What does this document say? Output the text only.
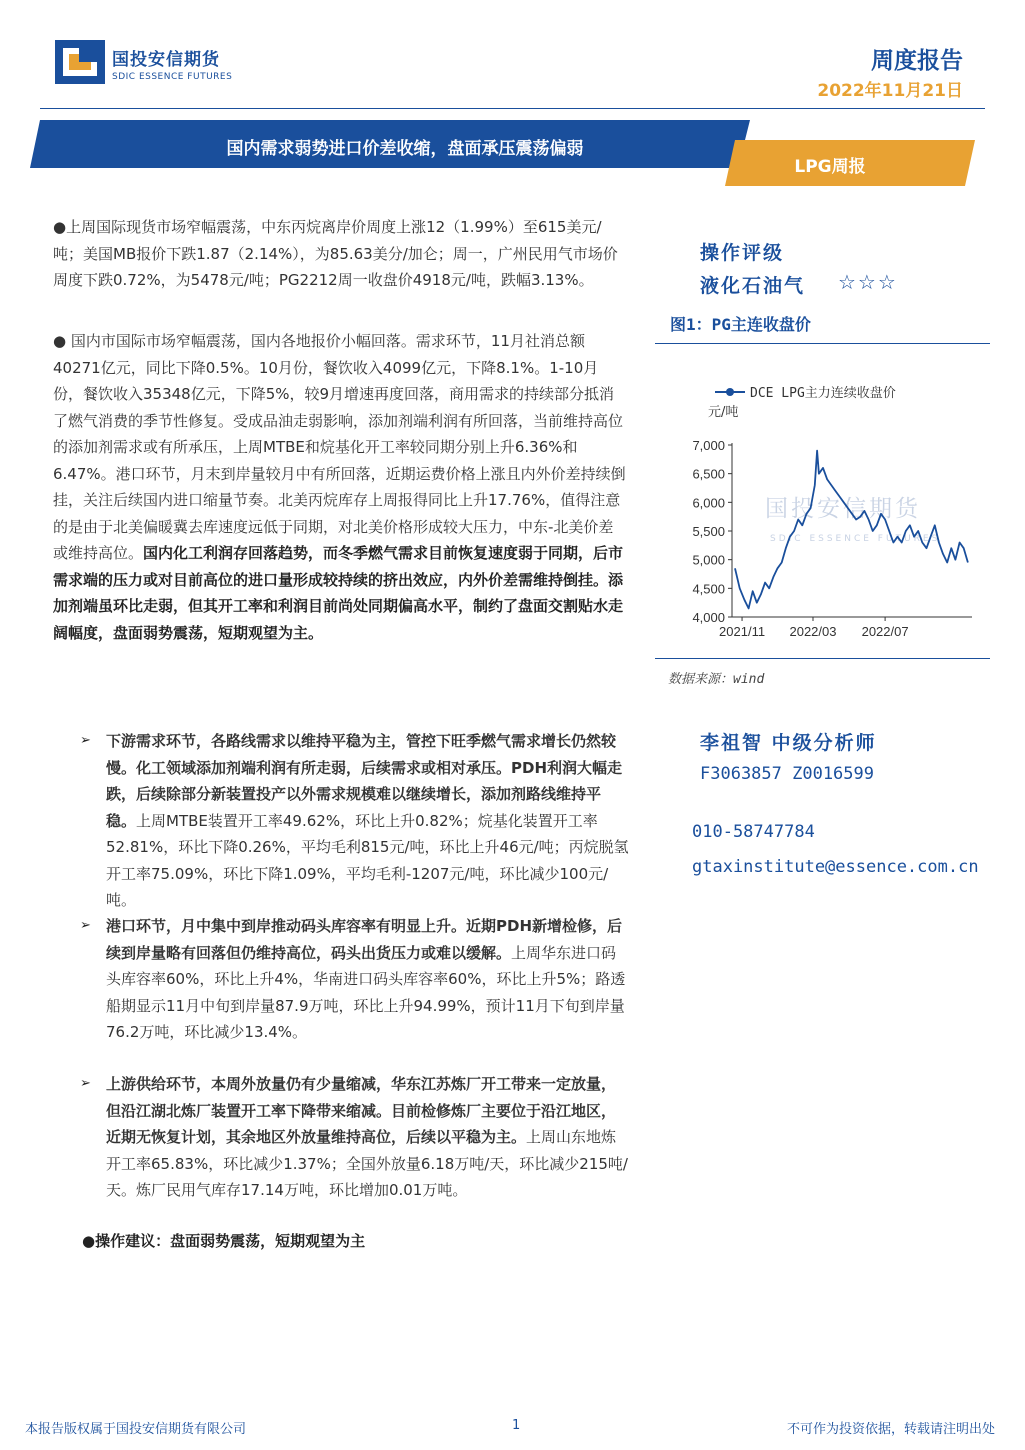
国投安信期货
SDIC ESSENCE FUTURES
周度报告
2022年11月21日
国内需求弱势进口价差收缩，盘面承压震荡偏弱
LPG周报

●上周国际现货市场窄幅震荡，中东丙烷离岸价周度上涨12（1.99%）至615美元/吨；美国MB报价下跌1.87（2.14%），为85.63美分/加仑；周一，广州民用气市场价周度下跌0.72%，为5478元/吨；PG2212周一收盘价4918元/吨，跌幅3.13%。

● 国内市国际市场窄幅震荡，国内各地报价小幅回落。需求环节，11月社消总额40271亿元，同比下降0.5%。10月份，餐饮收入4099亿元，下降8.1%。1-10月份，餐饮收入35348亿元，下降5%，较9月增速再度回落，商用需求的持续部分抵消了燃气消费的季节性修复。受成品油走弱影响，添加剂端利润有所回落，当前维持高位的添加剂需求或有所承压，上周MTBE和烷基化开工率较同期分别上升6.36%和6.47%。港口环节，月末到岸量较月中有所回落，近期运费价格上涨且内外价差持续倒挂，关注后续国内进口缩量节奏。北美丙烷库存上周报得同比上升17.76%，值得注意的是由于北美偏暖冀去库速度远低于同期，对北美价格形成较大压力，中东-北美价差或维持高位。国内化工利润存回落趋势，而冬季燃气需求目前恢复速度弱于同期，后市需求端的压力或对目前高位的进口量形成较持续的挤出效应，内外价差需维持倒挂。添加剂端虽环比走弱，但其开工率和利润目前尚处同期偏高水平，制约了盘面交割贴水走阔幅度，盘面弱势震荡，短期观望为主。

➢ 下游需求环节，各路线需求以维持平稳为主，管控下旺季燃气需求增长仍然较慢。化工领域添加剂端利润有所走弱，后续需求或相对承压。PDH利润大幅走跌，后续除部分新装置投产以外需求规模难以继续增长，添加剂路线维持平稳。上周MTBE装置开工率49.62%，环比上升0.82%；烷基化装置开工率52.81%，环比下降0.26%，平均毛利815元/吨，环比上升46元/吨；丙烷脱氢开工率75.09%，环比下降1.09%，平均毛利-1207元/吨，环比减少100元/吨。
➢ 港口环节，月中集中到岸推动码头库容率有明显上升。近期PDH新增检修，后续到岸量略有回落但仍维持高位，码头出货压力或难以缓解。上周华东进口码头库容率60%，环比上升4%，华南进口码头库容率60%，环比上升5%；路透船期显示11月中旬到岸量87.9万吨，环比上升94.99%，预计11月下旬到岸量76.2万吨，环比减少13.4%。
➢ 上游供给环节，本周外放量仍有少量缩减，华东江苏炼厂开工带来一定放量，但沿江湖北炼厂装置开工率下降带来缩减。目前检修炼厂主要位于沿江地区，近期无恢复计划，其余地区外放量维持高位，后续以平稳为主。上周山东地炼开工率65.83%，环比减少1.37%；全国外放量6.18万吨/天，环比减少215吨/天。炼厂民用气库存17.14万吨，环比增加0.01万吨。
●操作建议：盘面弱势震荡，短期观望为主
操作评级
液化石油气 ☆☆☆
图1：PG主连收盘价
国投安信期货
SDIC ESSENCE FUTURES
4,000
4,500
5,000
5,500
6,000
6,500
7,000
2021/11 2022/03 2022/07
元/吨
DCE LPG主力连续收盘价
数据来源：wind
李祖智 中级分析师
F3063857 Z0016599
010-58747784
gtaxinstitute@essence.com.cn
本报告版权属于国投安信期货有限公司	1	不可作为投资依据，转载请注明出处
